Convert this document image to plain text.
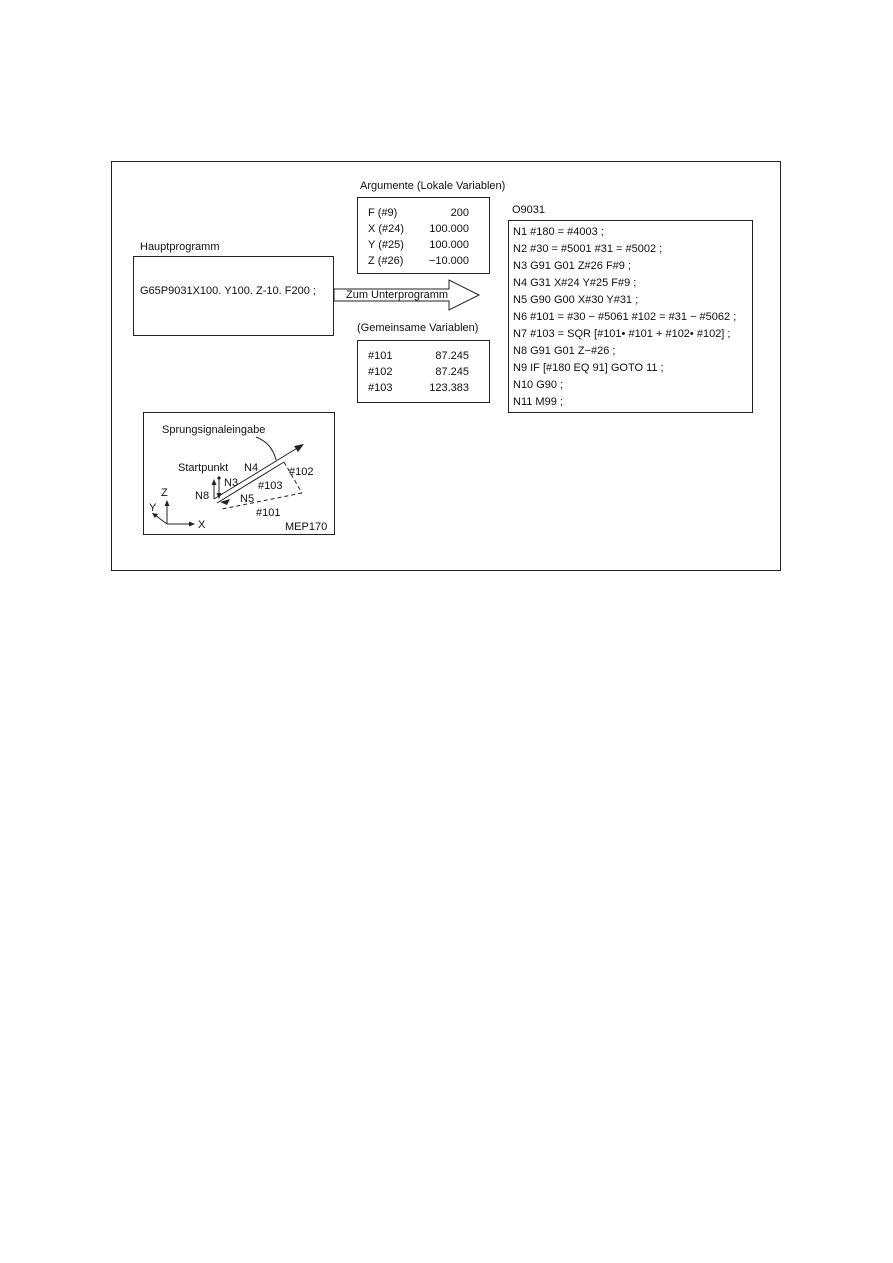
Hauptprogramm
G65P9031X100. Y100. Z-10. F200 ;
Argumente (Lokale Variablen)
F (#9)	200
X (#24) 100.000
Y (#25) 100.000
Z (#26) −10.000
Zum Unterprogramm
(Gemeinsame Variablen)
#101	87.245
#102	87.245
#103	123.383
O9031
N1 #180 = #4003 ;
N2 #30 = #5001 #31 = #5002 ;
N3 G91 G01 Z#26 F#9 ;
N4 G31 X#24 Y#25 F#9 ;
N5 G90 G00 X#30 Y#31 ;
N6 #101 = #30 − #5061 #102 = #31 − #5062 ;
N7 #103 = SQR [#101• #101 + #102• #102] ;
N8 G91 G01 Z−#26 ;
N9 IF [#180 EQ 91] GOTO 11 ;
N10 G90 ;
N11 M99 ;
Sprungsignaleingabe
Startpunkt N4	#102
N3 #103
N8	N5
#101
Z
Y
X	MEP170
